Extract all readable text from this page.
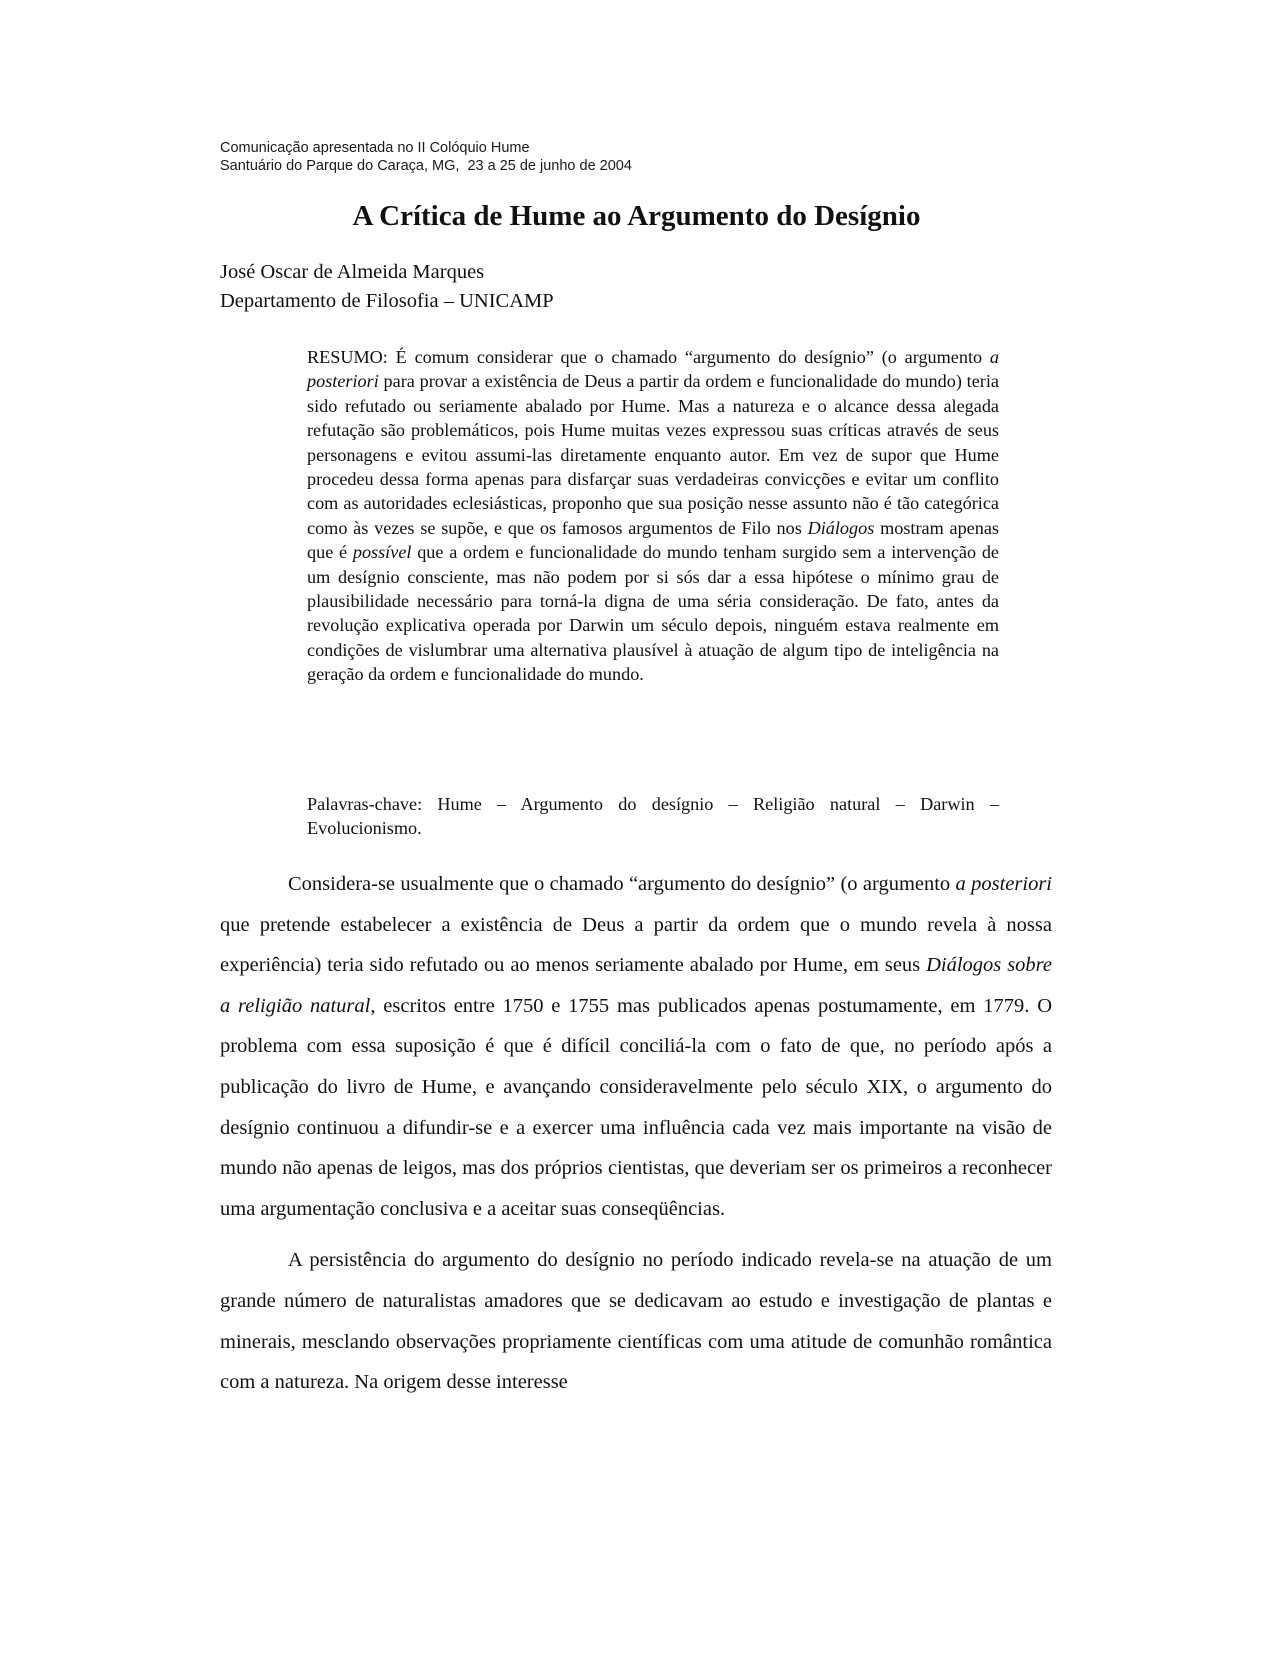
Comunicação apresentada no II Colóquio Hume
Santuário do Parque do Caraça, MG,  23 a 25 de junho de 2004
A Crítica de Hume ao Argumento do Desígnio
José Oscar de Almeida Marques
Departamento de Filosofia – UNICAMP

RESUMO: É comum considerar que o chamado “argumento do desígnio” (o argumento a posteriori para provar a existência de Deus a partir da ordem e funcionalidade do mundo) teria sido refutado ou seriamente abalado por Hume. Mas a natureza e o alcance dessa alegada refutação são problemáticos, pois Hume muitas vezes expressou suas críticas através de seus personagens e evitou assumi-las diretamente enquanto autor. Em vez de supor que Hume procedeu dessa forma apenas para disfarçar suas verdadeiras convicções e evitar um conflito com as autoridades eclesiásticas, proponho que sua posição nesse assunto não é tão categórica como às vezes se supõe, e que os famosos argumentos de Filo nos Diálogos mostram apenas que é possível que a ordem e funcionalidade do mundo tenham surgido sem a intervenção de um desígnio consciente, mas não podem por si sós dar a essa hipótese o mínimo grau de plausibilidade necessário para torná-la digna de uma séria consideração. De fato, antes da revolução explicativa operada por Darwin um século depois, ninguém estava realmente em condições de vislumbrar uma alternativa plausível à atuação de algum tipo de inteligência na geração da ordem e funcionalidade do mundo.

Palavras-chave: Hume – Argumento do desígnio – Religião natural – Darwin – Evolucionismo.

Considera-se usualmente que o chamado “argumento do desígnio” (o argumento a posteriori que pretende estabelecer a existência de Deus a partir da ordem que o mundo revela à nossa experiência) teria sido refutado ou ao menos seriamente abalado por Hume, em seus Diálogos sobre a religião natural, escritos entre 1750 e 1755 mas publicados apenas postumamente, em 1779. O problema com essa suposição é que é difícil conciliá-la com o fato de que, no período após a publicação do livro de Hume, e avançando consideravelmente pelo século XIX, o argumento do desígnio continuou a difundir-se e a exercer uma influência cada vez mais importante na visão de mundo não apenas de leigos, mas dos próprios cientistas, que deveriam ser os primeiros a reconhecer uma argumentação conclusiva e a aceitar suas conseqüências.

A persistência do argumento do desígnio no período indicado revela-se na atuação de um grande número de naturalistas amadores que se dedicavam ao estudo e investigação de plantas e minerais, mesclando observações propriamente científicas com uma atitude de comunhão romântica com a natureza. Na origem desse interesse
